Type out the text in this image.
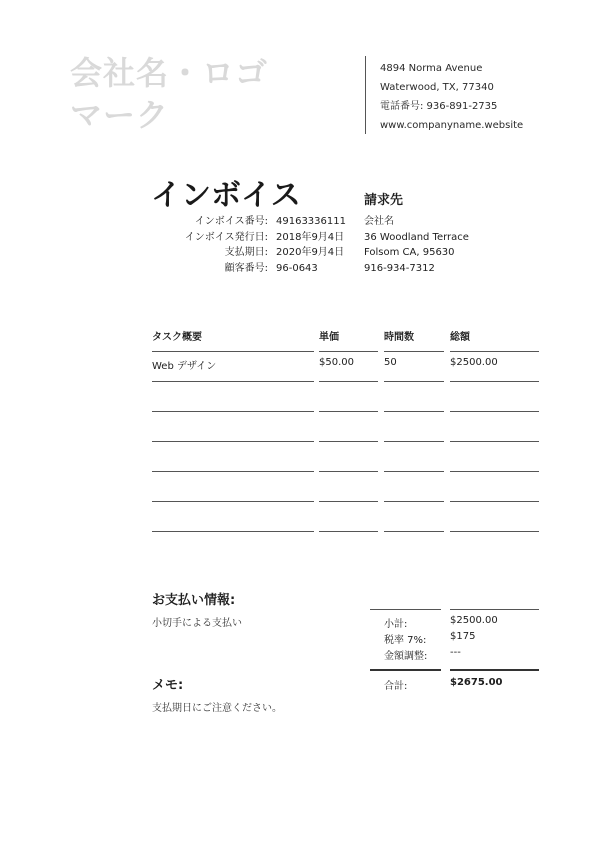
会社名・ロゴ
マーク
4894 Norma Avenue
Waterwood, TX, 77340
電話番号: 936-891-2735
www.companyname.website
インボイス	請求先
インボイス番号: 49163336111
インボイス発行日: 2018年9月4日
支払期日: 2020年9月4日
顧客番号: 96-0643
会社名
36 Woodland Terrace
Folsom CA, 95630
916-934-7312
タスク概要	単価	時間数	総額
Web デザイン	$50.00	50	$2500.00
お支払い情報:
小切手による支払い
メモ:
支払期日にご注意ください。
小計:	$2500.00
税率 7%: $175
金額調整: ---
合計:	$2675.00
